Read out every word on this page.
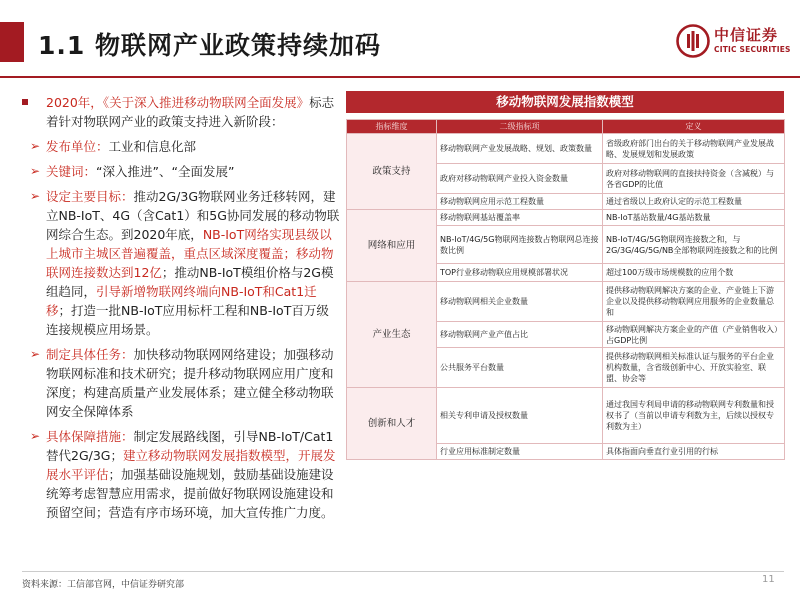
1.1 物联网产业政策持续加码	中信证券
CITIC SECURITIES
2020年，《关于深入推进移动物联网全面发展》标志着针对物联网产业的政策支持进入新阶段：
➢ 发布单位：工业和信息化部
➢ 关键词：“深入推进”、“全面发展”
➢ 设定主要目标：推动2G/3G物联网业务迁移转网，建立NB-IoT、4G（含Cat1）和5G协同发展的移动物联网综合生态。到2020年底，NB-IoT网络实现县级以上城市主城区普遍覆盖，重点区域深度覆盖；移动物联网连接数达到12亿；推动NB-IoT模组价格与2G模组趋同，引导新增物联网终端向NB-IoT和Cat1迁移；打造一批NB-IoT应用标杆工程和NB-IoT百万级连接规模应用场景。
➢ 制定具体任务：加快移动物联网网络建设；加强移动物联网标准和技术研究；提升移动物联网应用广度和深度；构建高质量产业发展体系；建立健全移动物联网安全保障体系
➢ 具体保障措施：制定发展路线图，引导NB-IoT/Cat1替代2G/3G；建立移动物联网发展指数模型，开展发展水平评估；加强基础设施规划，鼓励基础设施建设统筹考虑智慧应用需求，提前做好物联网设施建设和预留空间；营造有序市场环境，加大宣传推广力度。
移动物联网发展指数模型
指标维度	二级指标项	定义
政策支持	移动物联网产业发展战略、规划、政策数量	省级政府部门出台的关于移动物联网产业发展战略、发展规划和发展政策
	政府对移动物联网产业投入资金数量	政府对移动物联网的直接扶持资金（含减税）与各省GDP的比值
	移动物联网应用示范工程数量	通过省级以上政府认定的示范工程数量
网络和应用	移动物联网基站覆盖率	NB-IoT基站数量/4G基站数量
	NB-IoT/4G/5G物联网连接数占物联网总连接数比例	NB-IoT/4G/5G物联网连接数之和，与2G/3G/4G/5G/NB全部物联网连接数之和的比例
	TOP行业移动物联应用规模部署状况	超过100万级市场规模数的应用个数
产业生态	移动物联网相关企业数量	提供移动物联网解决方案的企业、产业链上下游企业以及提供移动物联网应用服务的企业数量总和
	移动物联网产业产值占比	移动物联网解决方案企业的产值（产业销售收入）占GDP比例
	公共服务平台数量	提供移动物联网相关标准认证与服务的平台企业机构数量，含省级创新中心、开放实验室、联盟、协会等
创新和人才	相关专利申请及授权数量	通过我国专利局申请的移动物联网专利数量和授权书了（当前以申请专利数为主，后续以授权专利数为主）
	行业应用标准制定数量	具体指面向垂直行业引用的行标
资料来源：工信部官网，中信证券研究部	11
